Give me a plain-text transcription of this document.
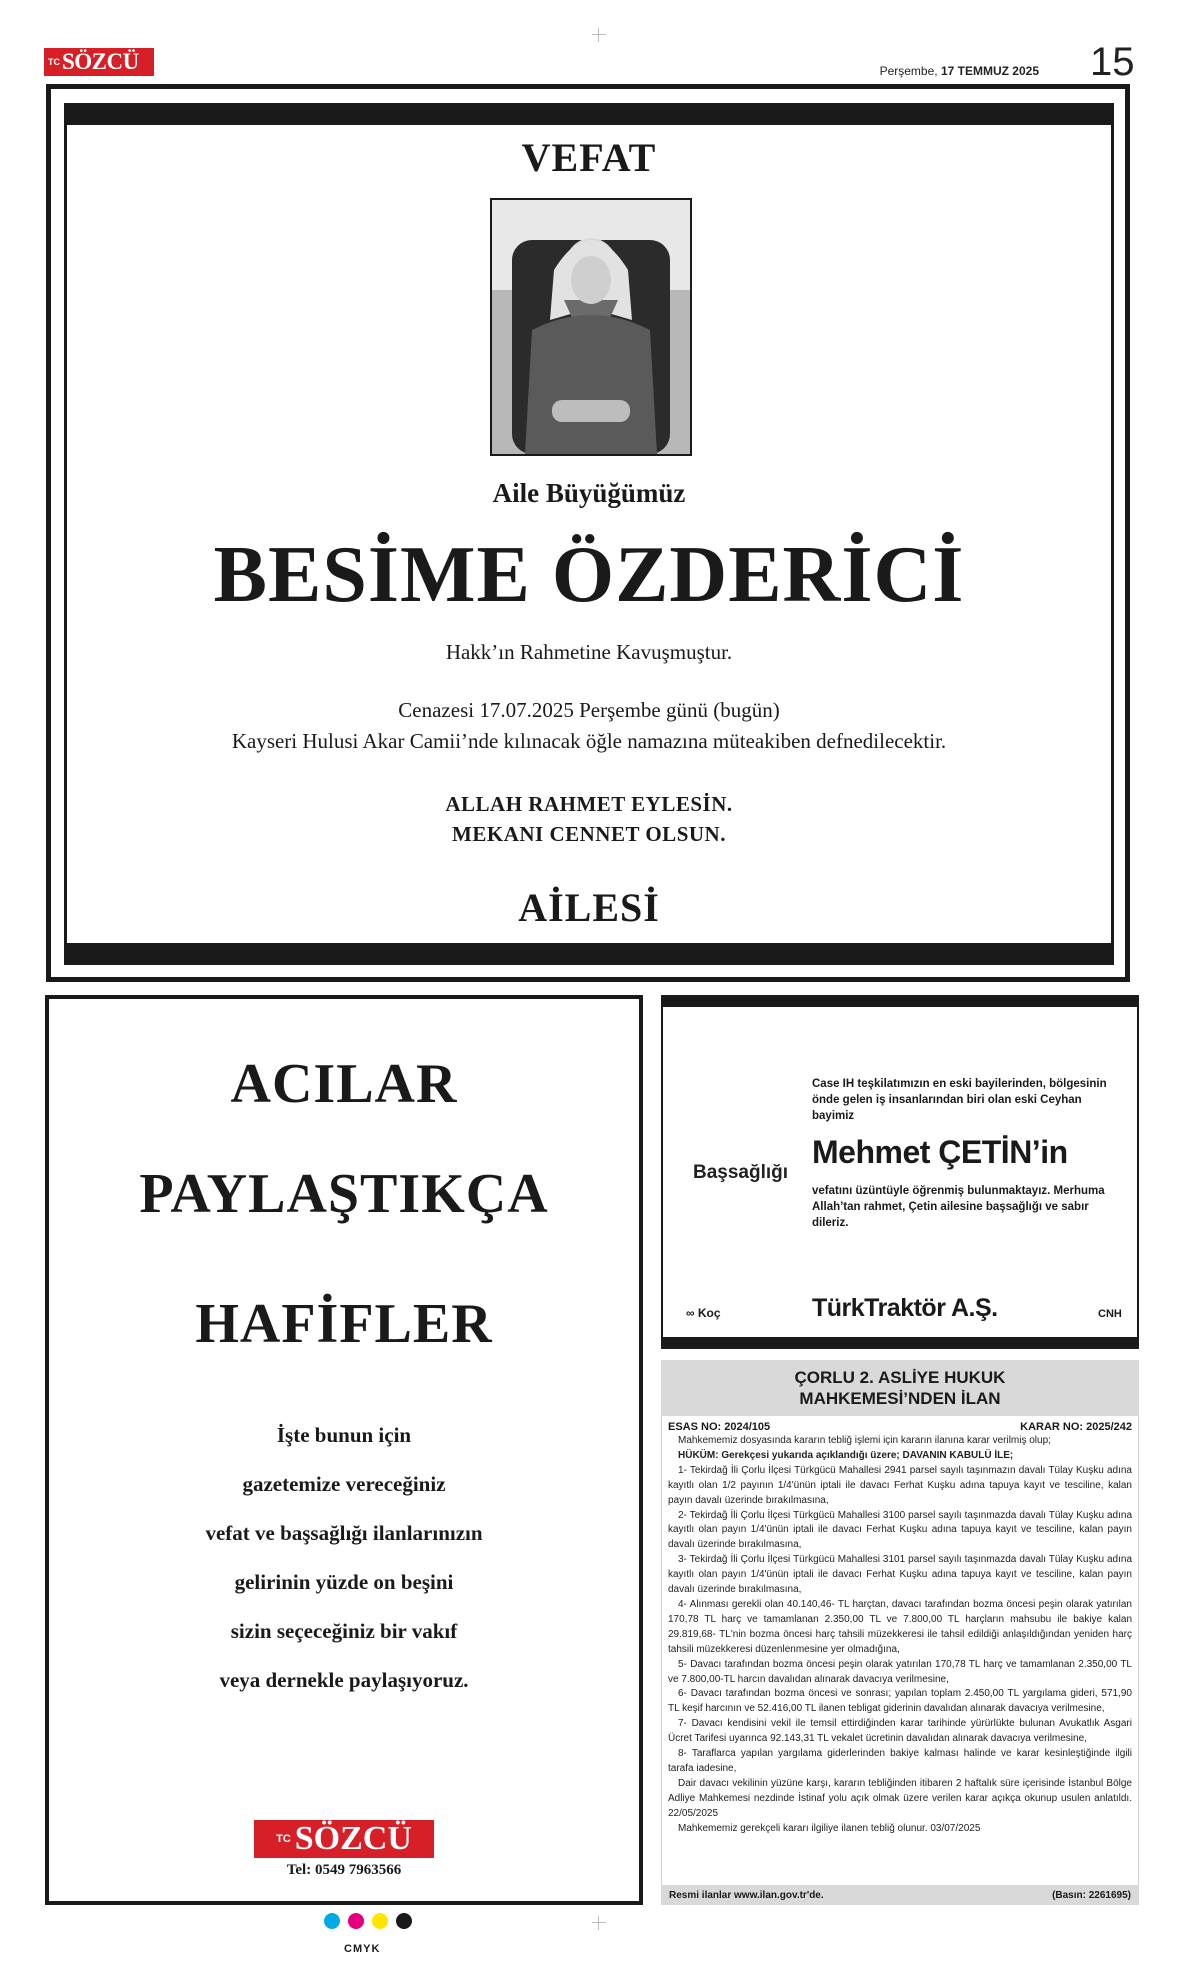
TC SÖZCÜ	Perşembe, 17 TEMMUZ 2025 15
VEFAT
Aile Büyüğümüz
BESİME ÖZDERİCİ
Hakk’ın Rahmetine Kavuşmuştur.
Cenazesi 17.07.2025 Perşembe günü (bugün)
Kayseri Hulusi Akar Camii’nde kılınacak öğle namazına müteakiben defnedilecektir.
ALLAH RAHMET EYLESİN.
MEKANI CENNET OLSUN.
AİLESİ
ACILAR
PAYLAŞTIKÇA
HAFİFLER
İşte bunun için
gazetemize vereceğiniz
vefat ve başsağlığı ilanlarınızın
gelirinin yüzde on beşini
sizin seçeceğiniz bir vakıf
veya dernekle paylaşıyoruz.
TC SÖZCÜ
Tel: 0549 7963566
Başsağlığı
Case IH teşkilatımızın en eski bayilerinden, bölgesinin önde gelen iş insanlarından biri olan eski Ceyhan bayimiz
Mehmet ÇETİN’in
vefatını üzüntüyle öğrenmiş bulunmaktayız. Merhuma Allah’tan rahmet, Çetin ailesine başsağlığı ve sabır dileriz.
∞ Koç	TürkTraktör A.Ş.	CNH
ÇORLU 2. ASLİYE HUKUK
MAHKEMESİ’NDEN İLAN
ESAS NO: 2024/105	KARAR NO: 2025/242

Mahkememiz dosyasında kararın tebliğ işlemi için kararın ilanına karar verilmiş olup;

HÜKÜM: Gerekçesi yukarıda açıklandığı üzere; DAVANIN KABULÜ İLE;

1- Tekirdağ İli Çorlu İlçesi Türkgücü Mahallesi 2941 parsel sayılı taşınmazın davalı Tülay Kuşku adına kayıtlı olan 1/2 payının 1/4'ünün iptali ile davacı Ferhat Kuşku adına tapuya kayıt ve tesciline, kalan payın davalı üzerinde bırakılmasına,

2- Tekirdağ İli Çorlu İlçesi Türkgücü Mahallesi 3100 parsel sayılı taşınmazda davalı Tülay Kuşku adına kayıtlı olan payın 1/4'ünün iptali ile davacı Ferhat Kuşku adına tapuya kayıt ve tesciline, kalan payın davalı üzerinde bırakılmasına,

3- Tekirdağ İli Çorlu İlçesi Türkgücü Mahallesi 3101 parsel sayılı taşınmazda davalı Tülay Kuşku adına kayıtlı olan payın 1/4'ünün iptali ile davacı Ferhat Kuşku adına tapuya kayıt ve tesciline, kalan payın davalı üzerinde bırakılmasına,

4- Alınması gerekli olan 40.140,46- TL harçtan, davacı tarafından bozma öncesi peşin olarak yatırılan 170,78 TL harç ve tamamlanan 2.350,00 TL ve 7.800,00 TL harçların mahsubu ile bakiye kalan 29.819,68- TL'nin bozma öncesi harç tahsili müzekkeresi ile tahsil edildiği anlaşıldığından yeniden harç tahsili müzekkeresi düzenlenmesine yer olmadığına,

5- Davacı tarafından bozma öncesi peşin olarak yatırılan 170,78 TL harç ve tamamlanan 2.350,00 TL ve 7.800,00-TL harcın davalıdan alınarak davacıya verilmesine,

6- Davacı tarafından bozma öncesi ve sonrası; yapılan toplam 2.450,00 TL yargılama gideri, 571,90 TL keşif harcının ve 52.416,00 TL ilanen tebligat giderinin davalıdan alınarak davacıya verilmesine,

7- Davacı kendisini vekil ile temsil ettirdiğinden karar tarihinde yürürlükte bulunan Avukatlık Asgari Ücret Tarifesi uyarınca 92.143,31 TL vekalet ücretinin davalıdan alınarak davacıya verilmesine,

8- Taraflarca yapılan yargılama giderlerinden bakiye kalması halinde ve karar kesinleştiğinde ilgili tarafa iadesine,

Dair davacı vekilinin yüzüne karşı, kararın tebliğinden itibaren 2 haftalık süre içerisinde İstanbul Bölge Adliye Mahkemesi nezdinde İstinaf yolu açık olmak üzere verilen karar açıkça okunup usulen anlatıldı. 22/05/2025

Mahkememiz gerekçeli kararı ilgiliye ilanen tebliğ olunur. 03/07/2025

Resmi ilanlar www.ilan.gov.tr'de.	(Basın: 2261695)
CMYK
